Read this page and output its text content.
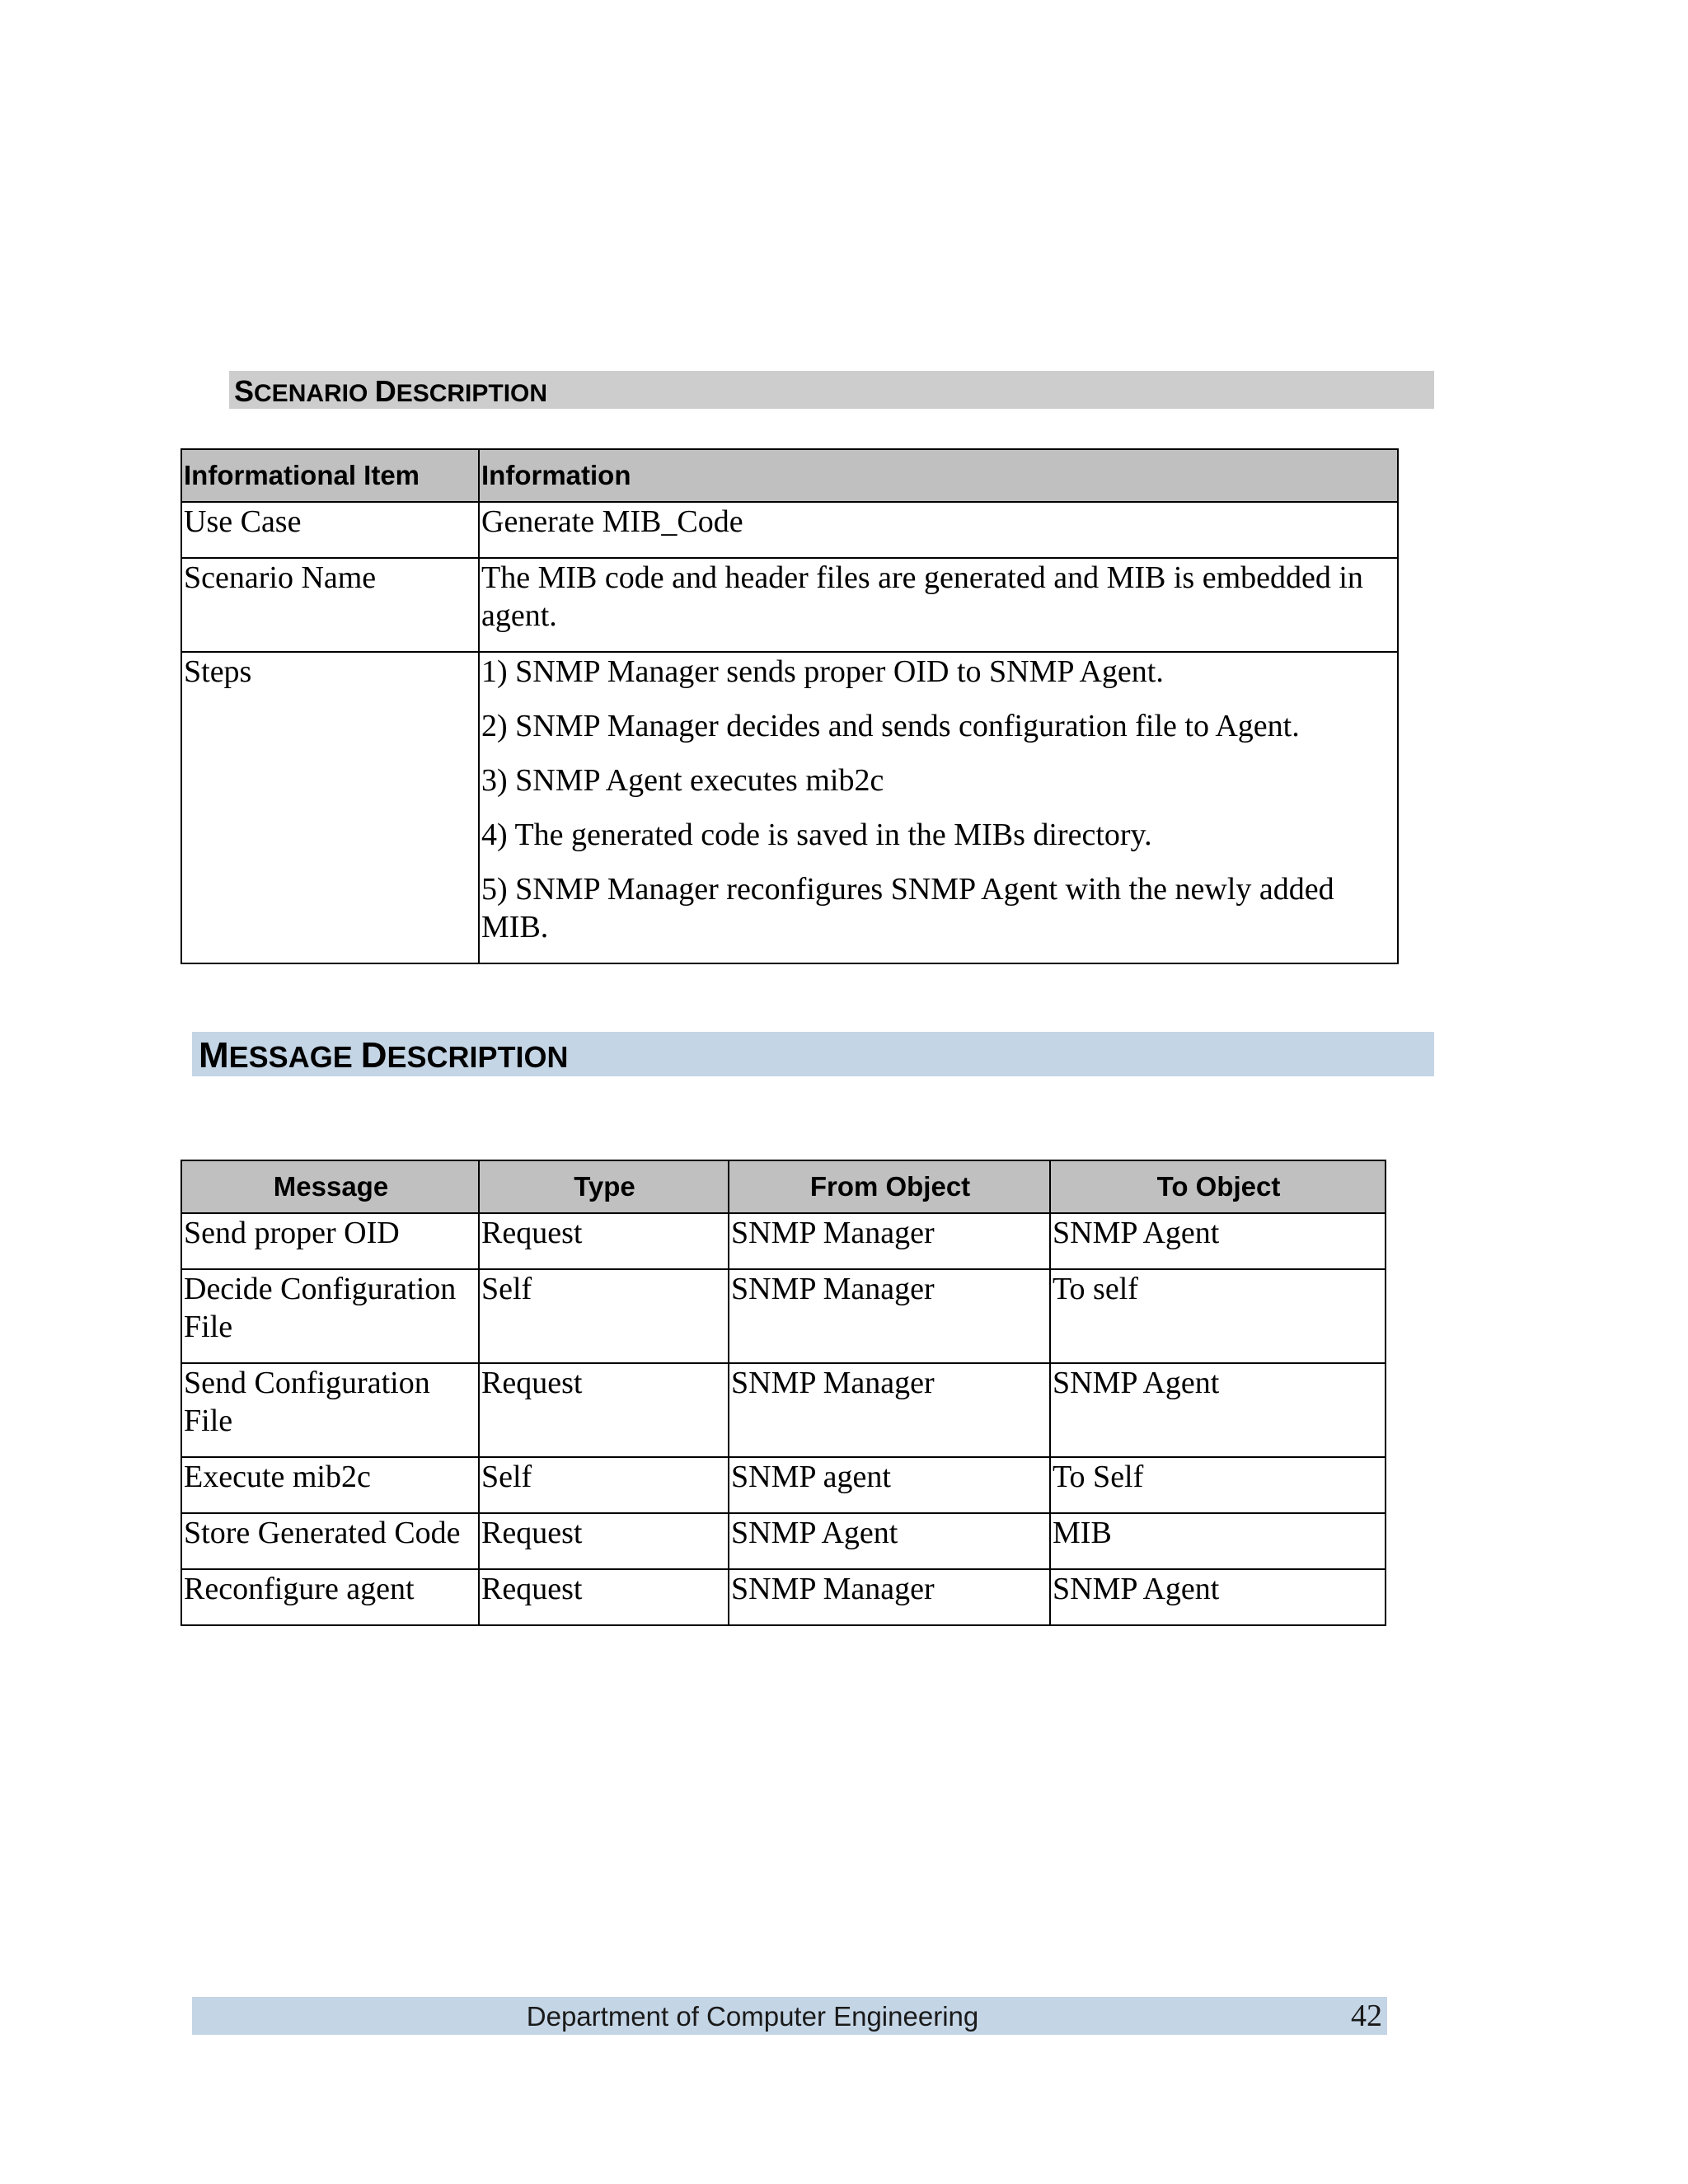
SCENARIO DESCRIPTION
Informational Item	Information
Use Case	Generate MIB_Code
Scenario Name	The MIB code and header files are generated and MIB is embedded in agent.
Steps	1) SNMP Manager sends proper OID to SNMP Agent.
2) SNMP Manager decides and sends configuration file to Agent.
3) SNMP Agent executes mib2c
4) The generated code is saved in the MIBs directory.
5) SNMP Manager reconfigures SNMP Agent with the newly added MIB.
MESSAGE DESCRIPTION
Message	Type	From Object	To Object
Send proper OID	Request	SNMP Manager	SNMP Agent
Decide Configuration File	Self	SNMP Manager	To self
Send Configuration File	Request	SNMP Manager	SNMP Agent
Execute mib2c	Self	SNMP agent	To Self
Store Generated Code	Request	SNMP Agent	MIB
Reconfigure agent	Request	SNMP Manager	SNMP Agent
Department of Computer Engineering	42
